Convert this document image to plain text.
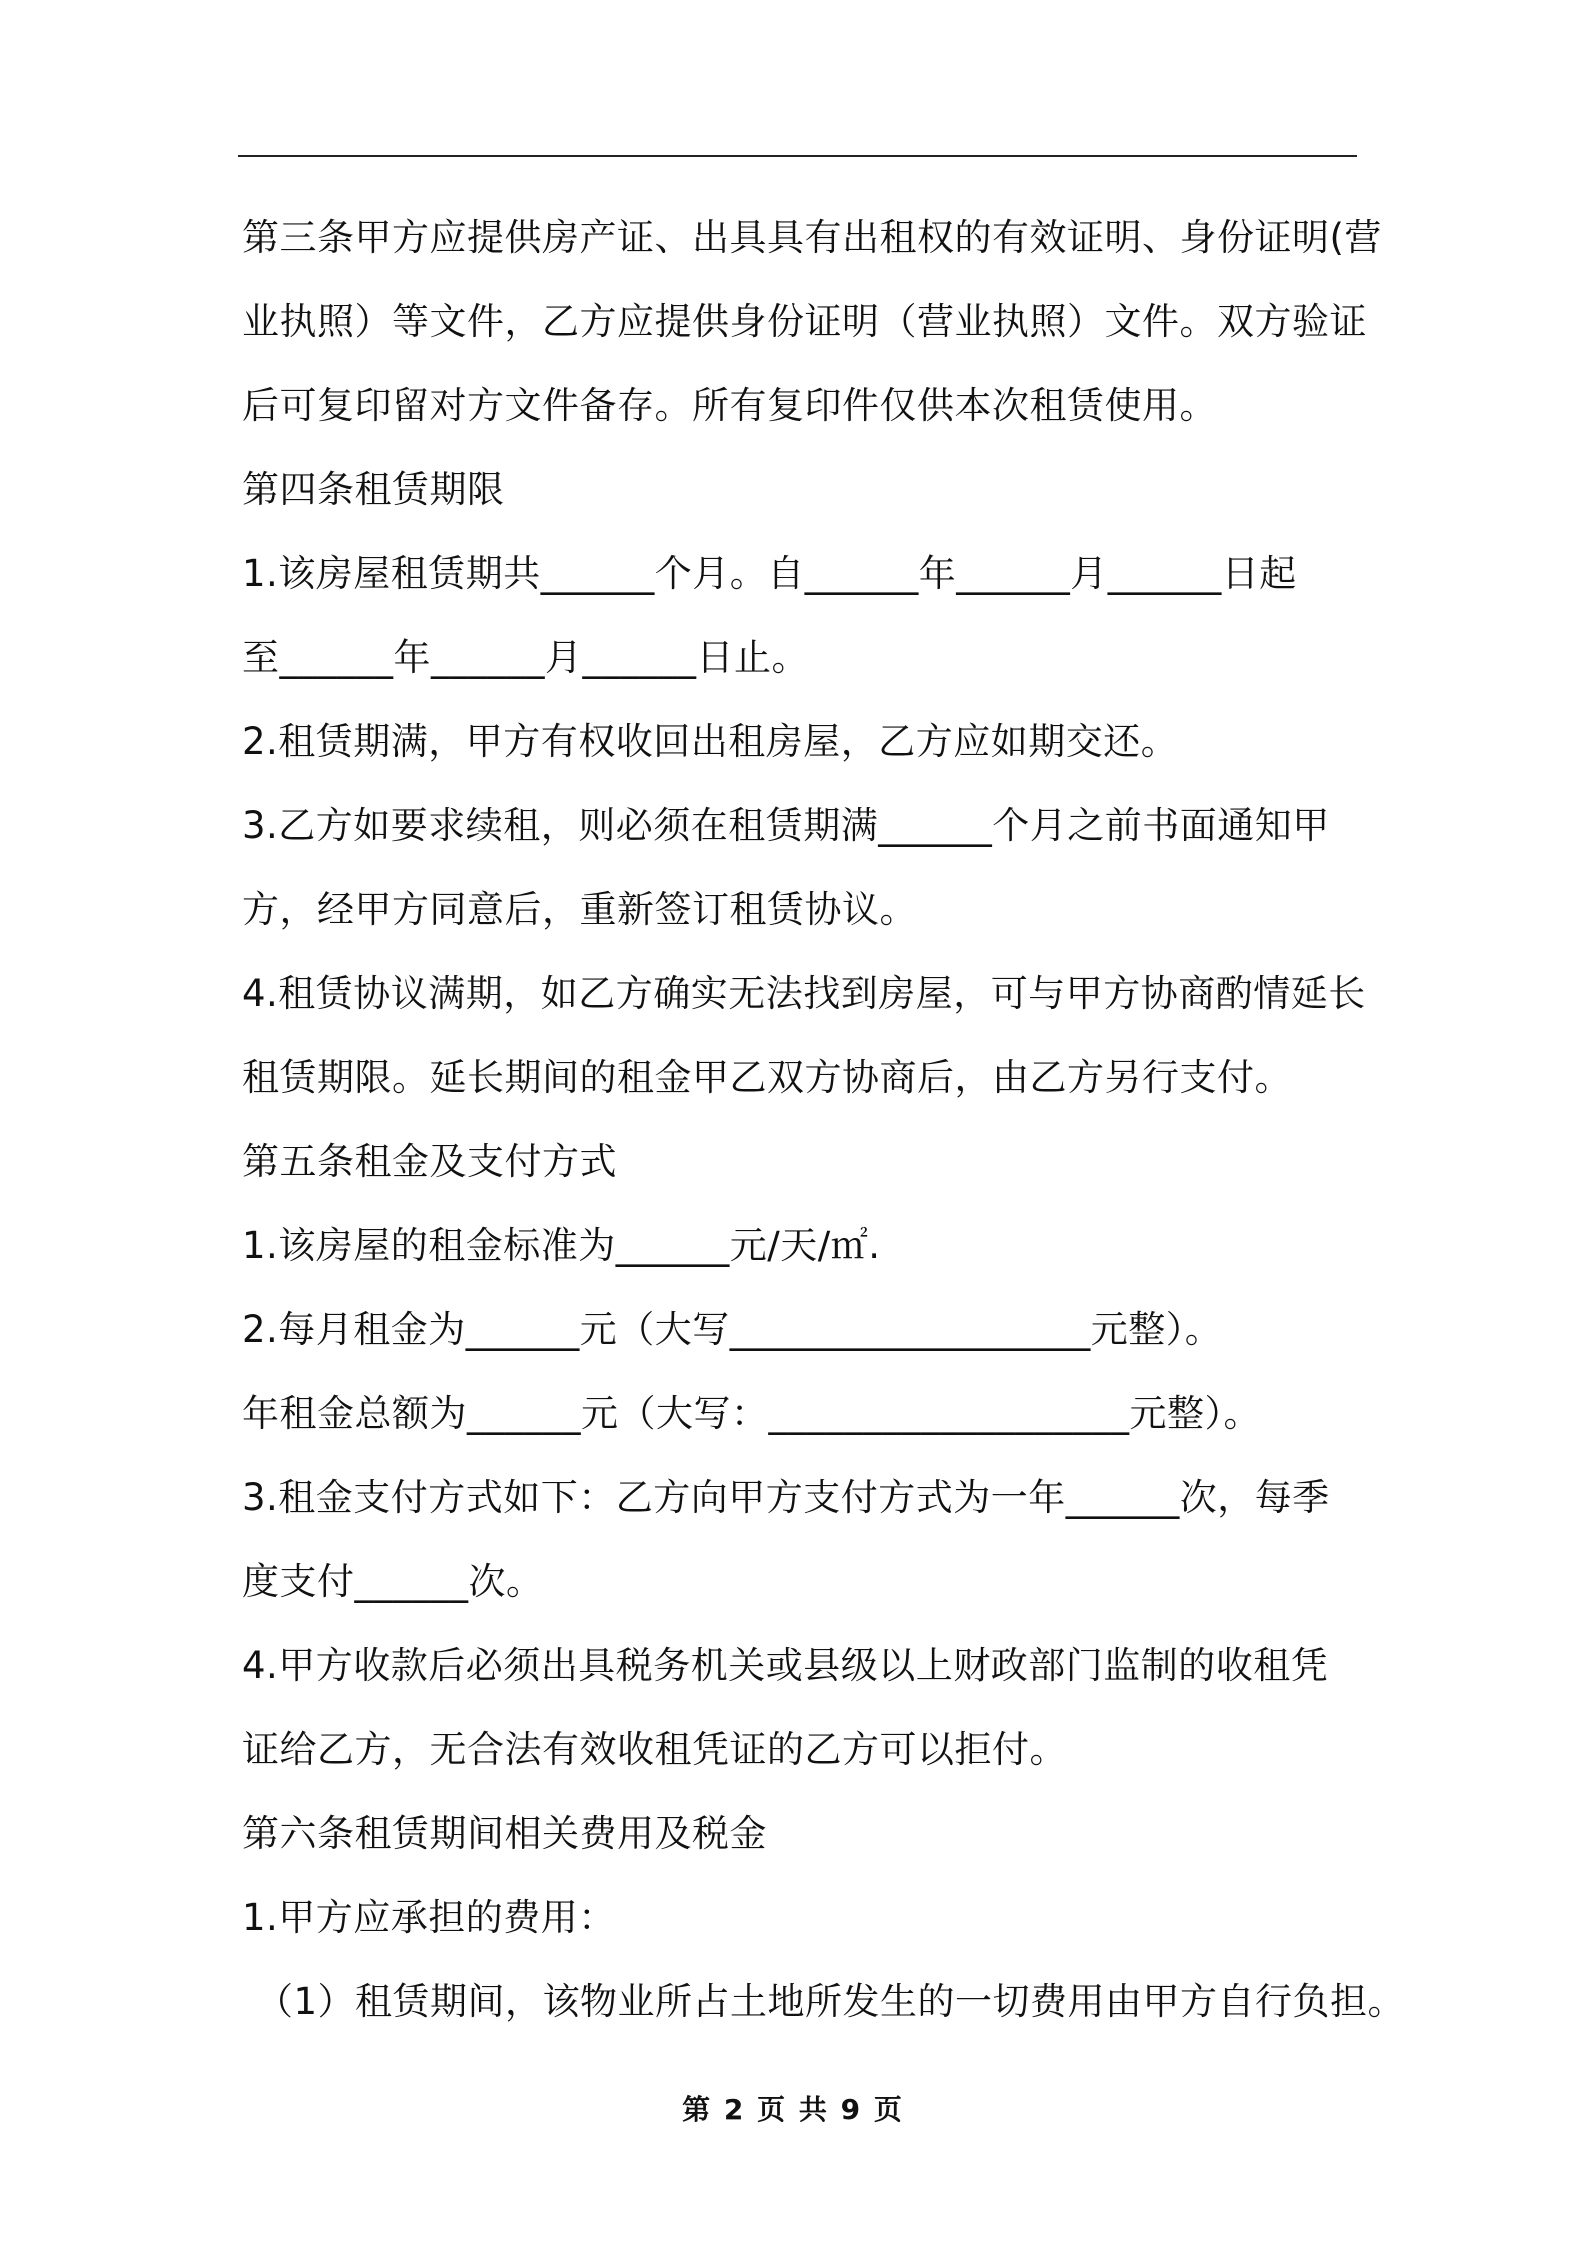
第三条甲方应提供房产证、出具具有出租权的有效证明、身份证明(营
业执照）等文件，乙方应提供身份证明（营业执照）文件。双方验证
后可复印留对方文件备存。所有复印件仅供本次租赁使用。
第四条租赁期限
1.该房屋租赁期共______个月。自______年______月______日起
至______年______月______日止。
2.租赁期满，甲方有权收回出租房屋，乙方应如期交还。
3.乙方如要求续租，则必须在租赁期满______个月之前书面通知甲
方，经甲方同意后，重新签订租赁协议。
4.租赁协议满期，如乙方确实无法找到房屋，可与甲方协商酌情延长
租赁期限。延长期间的租金甲乙双方协商后，由乙方另行支付。
第五条租金及支付方式
1.该房屋的租金标准为______元/天/㎡.
2.每月租金为______元（大写___________________元整）。
年租金总额为______元（大写：___________________元整）。
3.租金支付方式如下：乙方向甲方支付方式为一年______次，每季
度支付______次。
4.甲方收款后必须出具税务机关或县级以上财政部门监制的收租凭
证给乙方，无合法有效收租凭证的乙方可以拒付。
第六条租赁期间相关费用及税金
1.甲方应承担的费用：
（1）租赁期间，该物业所占土地所发生的一切费用由甲方自行负担。
第 2 页 共 9 页
